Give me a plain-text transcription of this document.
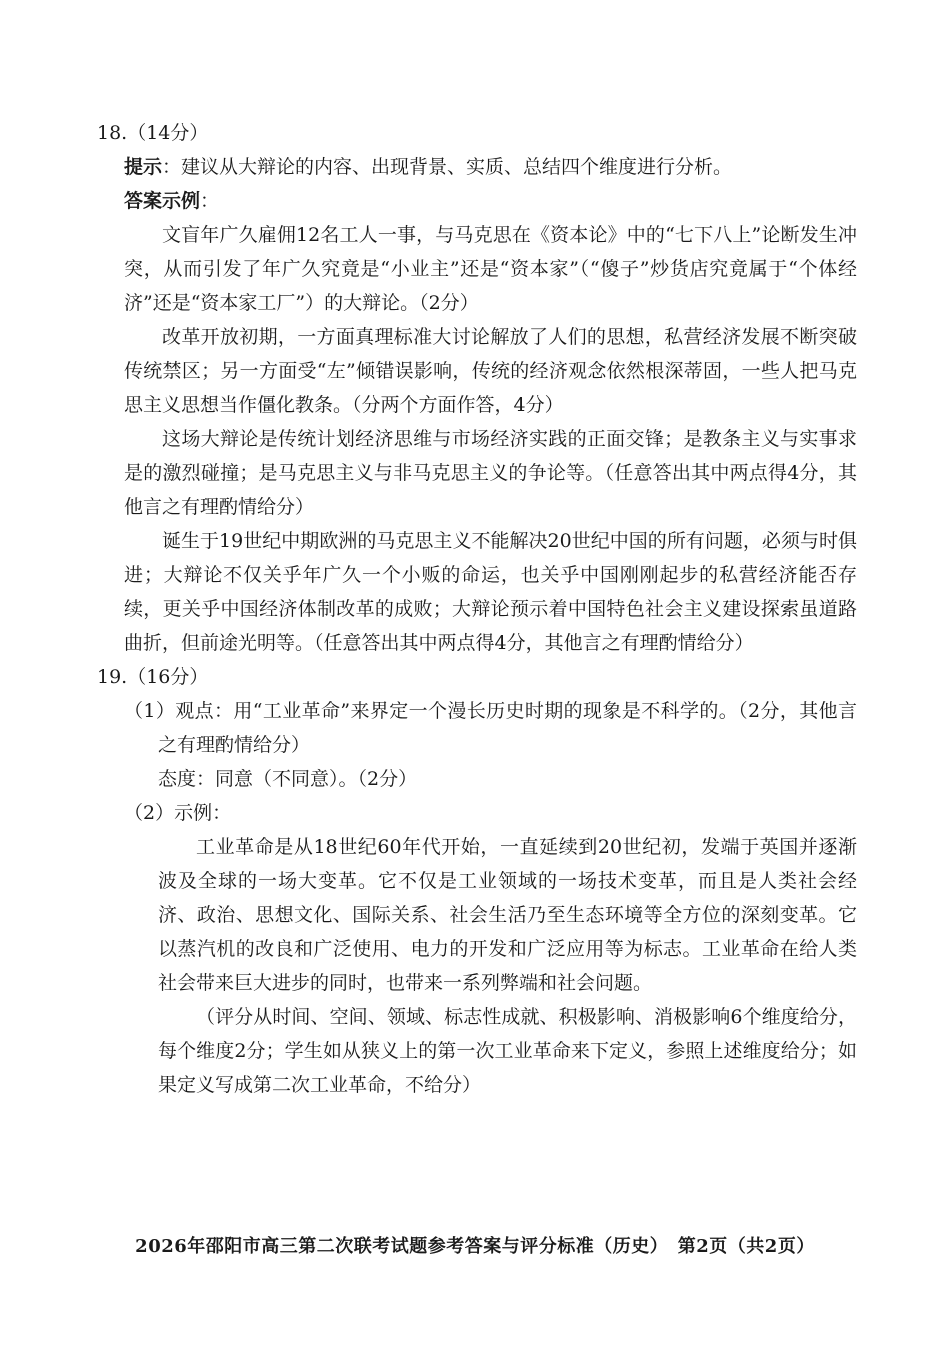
18.（14分）

提示：建议从大辩论的内容、出现背景、实质、总结四个维度进行分析。

答案示例：

文盲年广久雇佣12名工人一事，与马克思在《资本论》中的“七下八上”论断发生冲突，从而引发了年广久究竟是“小业主”还是“资本家”（“傻子”炒货店究竟属于“个体经济”还是“资本家工厂”）的大辩论。（2分）

改革开放初期，一方面真理标准大讨论解放了人们的思想，私营经济发展不断突破传统禁区；另一方面受“左”倾错误影响，传统的经济观念依然根深蒂固，一些人把马克思主义思想当作僵化教条。（分两个方面作答，4分）

这场大辩论是传统计划经济思维与市场经济实践的正面交锋；是教条主义与实事求是的激烈碰撞；是马克思主义与非马克思主义的争论等。（任意答出其中两点得4分，其他言之有理酌情给分）

诞生于19世纪中期欧洲的马克思主义不能解决20世纪中国的所有问题，必须与时俱进；大辩论不仅关乎年广久一个小贩的命运，也关乎中国刚刚起步的私营经济能否存续，更关乎中国经济体制改革的成败；大辩论预示着中国特色社会主义建设探索虽道路曲折，但前途光明等。（任意答出其中两点得4分，其他言之有理酌情给分）

19.（16分）

（1）观点：用“工业革命”来界定一个漫长历史时期的现象是不科学的。（2分，其他言之有理酌情给分）

态度：同意（不同意）。（2分）

（2）示例：

工业革命是从18世纪60年代开始，一直延续到20世纪初，发端于英国并逐渐波及全球的一场大变革。它不仅是工业领域的一场技术变革，而且是人类社会经济、政治、思想文化、国际关系、社会生活乃至生态环境等全方位的深刻变革。它以蒸汽机的改良和广泛使用、电力的开发和广泛应用等为标志。工业革命在给人类社会带来巨大进步的同时，也带来一系列弊端和社会问题。

（评分从时间、空间、领域、标志性成就、积极影响、消极影响6个维度给分，每个维度2分；学生如从狭义上的第一次工业革命来下定义，参照上述维度给分；如果定义写成第二次工业革命，不给分）

2026年邵阳市高三第二次联考试题参考答案与评分标准（历史）　第2页（共2页）
